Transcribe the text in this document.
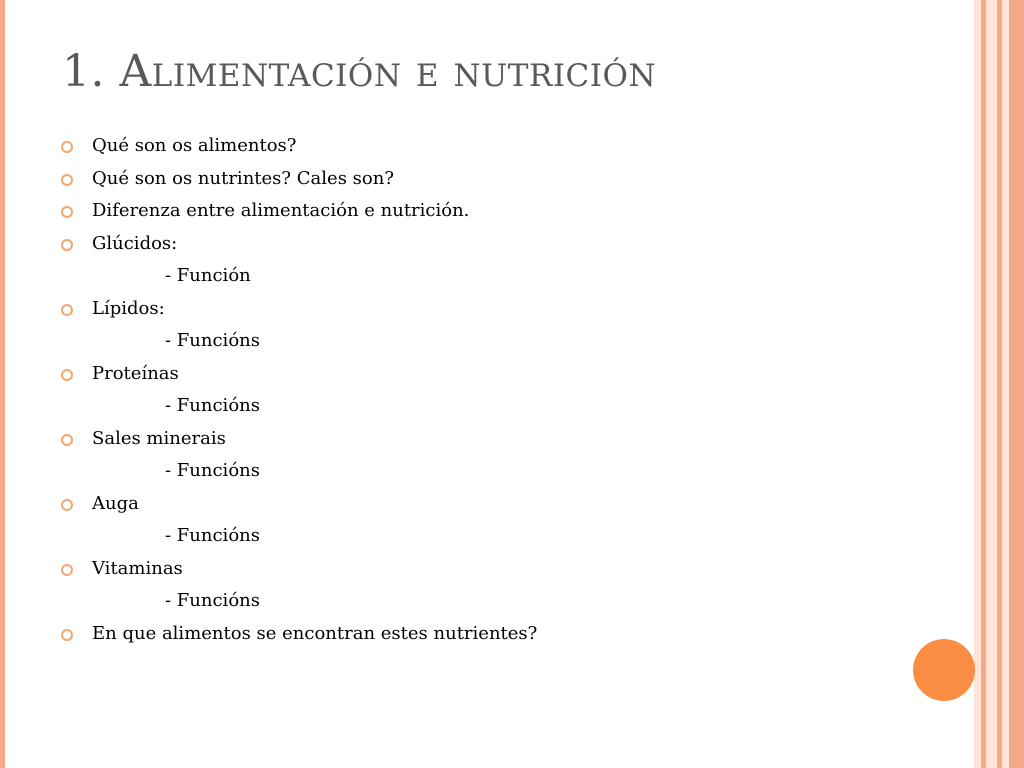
1. Alimentación e nutrición
Qué son os alimentos?
Qué son os nutrintes? Cales son?
Diferenza entre alimentación e nutrición.
Glúcidos:
- Función
Lípidos:
- Funcións
Proteínas
- Funcións
Sales minerais
- Funcións
Auga
- Funcións
Vitaminas
- Funcións
En que alimentos se encontran estes nutrientes?
